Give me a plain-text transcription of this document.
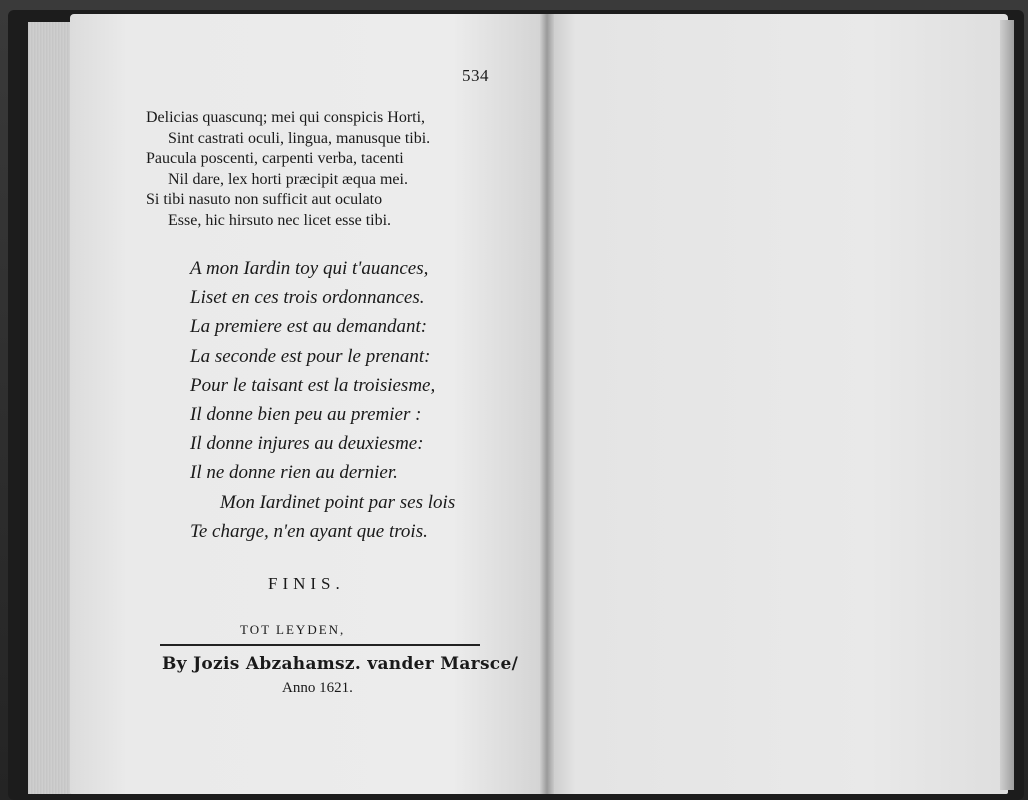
534
Delicias quascunq; mei qui conspicis Horti,
Sint castrati oculi, lingua, manusque tibi.
Paucula poscenti, carpenti verba, tacenti
Nil dare, lex horti præcipit æqua mei.
Si tibi nasuto non sufficit aut oculato
Esse, hic hirsuto nec licet esse tibi.
A mon Iardin toy qui t'auances,
Liset en ces trois ordonnances.
La premiere est au demandant:
La seconde est pour le prenant:
Pour le taisant est la troisiesme,
Il donne bien peu au premier :
Il donne injures au deuxiesme:
Il ne donne rien au dernier.
Mon Iardinet point par ses lois
Te charge, n'en ayant que trois.
FINIS.
TOT LEYDEN,
By Jozis Abzahamsz. vander Marsce/
Anno 1621.
